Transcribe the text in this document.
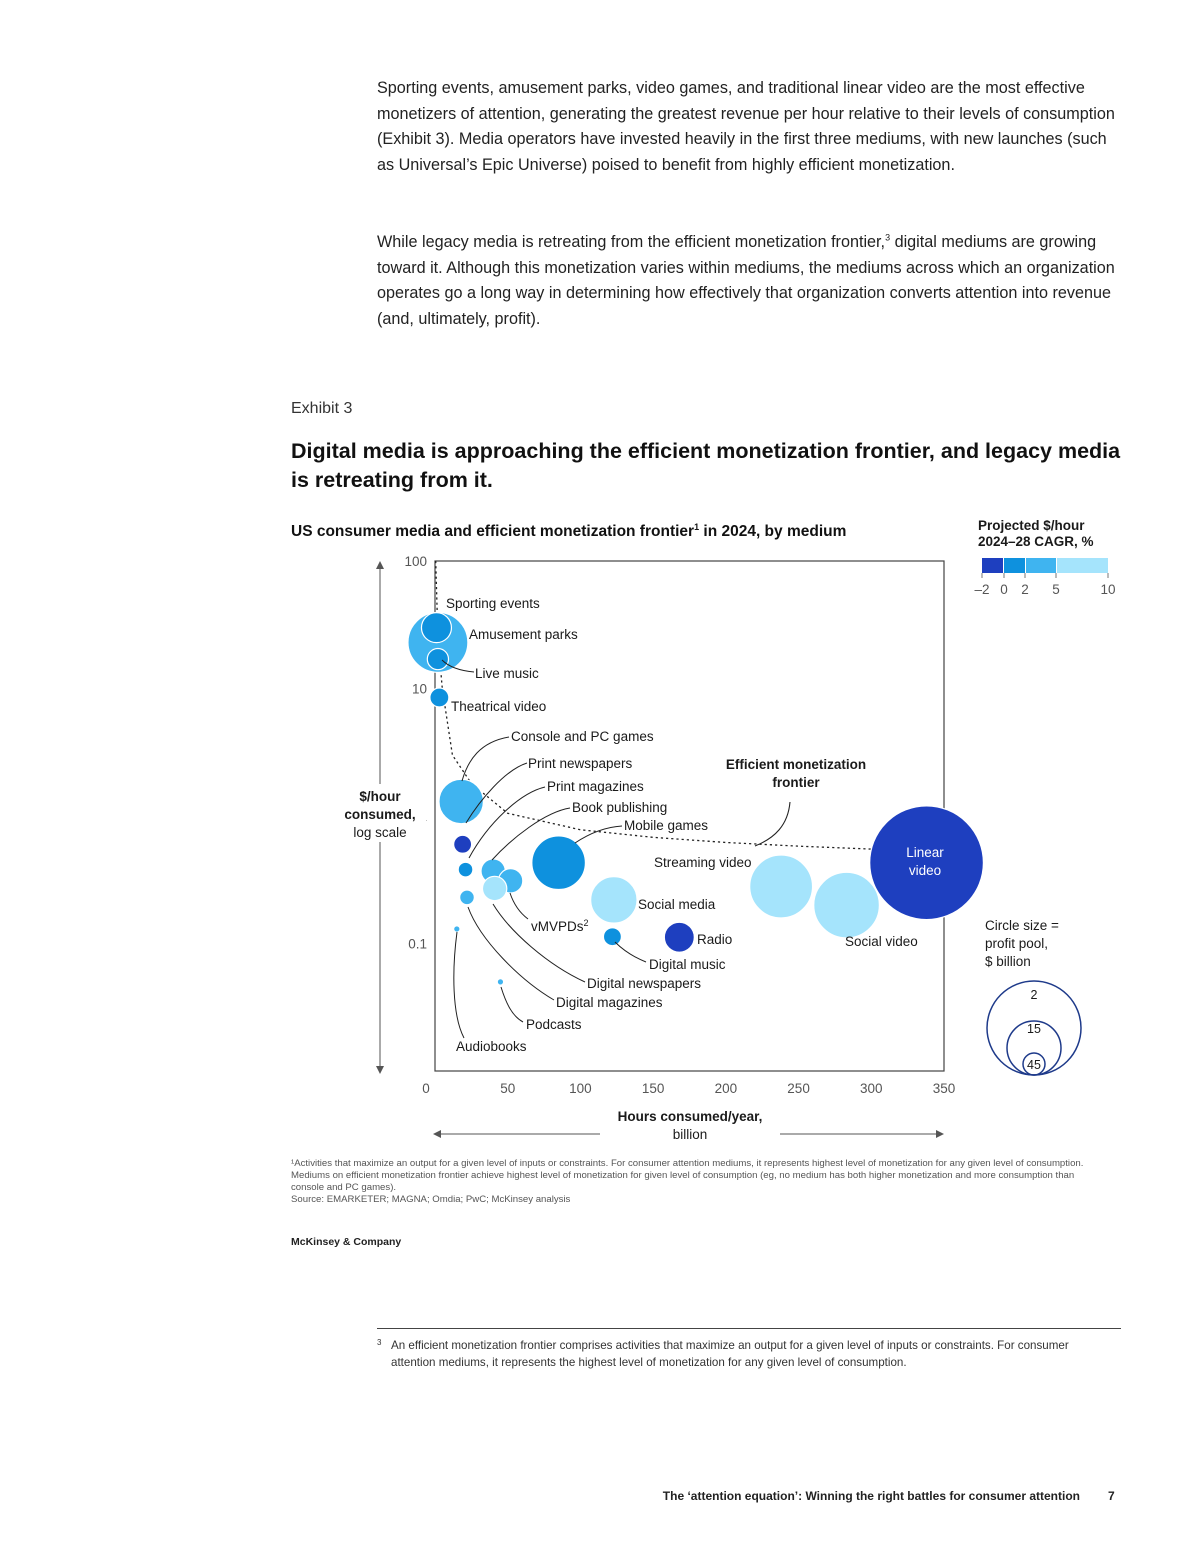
Sporting events, amusement parks, video games, and traditional linear video are the most effective monetizers of attention, generating the greatest revenue per hour relative to their levels of consumption (Exhibit 3). Media operators have invested heavily in the first three mediums, with new launches (such as Universal’s Epic Universe) poised to benefit from highly efficient monetization.

While legacy media is retreating from the efficient monetization frontier,$^3$ digital mediums are growing toward it. Although this monetization varies within mediums, the mediums across which an organization operates go a long way in determining how effectively that organization converts attention into revenue (and, ultimately, profit).

Exhibit 3
Digital media is approaching the efficient monetization frontier, and legacy media is retreating from it.
US consumer media and efficient monetization frontier$^1$ in 2024, by medium
0	50	100	150	200	250	300	350
100
10
0.1
$/hour
consumed,
log scale
Hours consumed/year,
billion
Efficient monetization
frontier
Sporting events
Amusement parks
Live music
Theatrical video
Console and PC games
Print newspapers
Print magazines
Book publishing
Mobile games
Streaming video
Linear
video
Social media
Social video
vMVPDs$^2$
Digital music
Digital newspapers
Digital magazines
Radio
Podcasts
Audiobooks
Projected $/hour
2024–28 CAGR, %
–2 0 2 5	10
Circle size =
profit pool,
$ billion
2
15
45

¹Activities that maximize an output for a given level of inputs or constraints. For consumer attention mediums, it represents highest level of monetization for any given level of consumption. Mediums on efficient monetization frontier achieve highest level of monetization for given level of consumption (eg, no medium has both higher monetization and more consumption than console and PC games).

Source: EMARKETER; MAGNA; Omdia; PwC; McKinsey analysis

McKinsey & Company
3 An efficient monetization frontier comprises activities that maximize an output for a given level of inputs or constraints. For consumer attention mediums, it represents the highest level of monetization for any given level of consumption.
The ‘attention equation’: Winning the right battles for consumer attention 7
